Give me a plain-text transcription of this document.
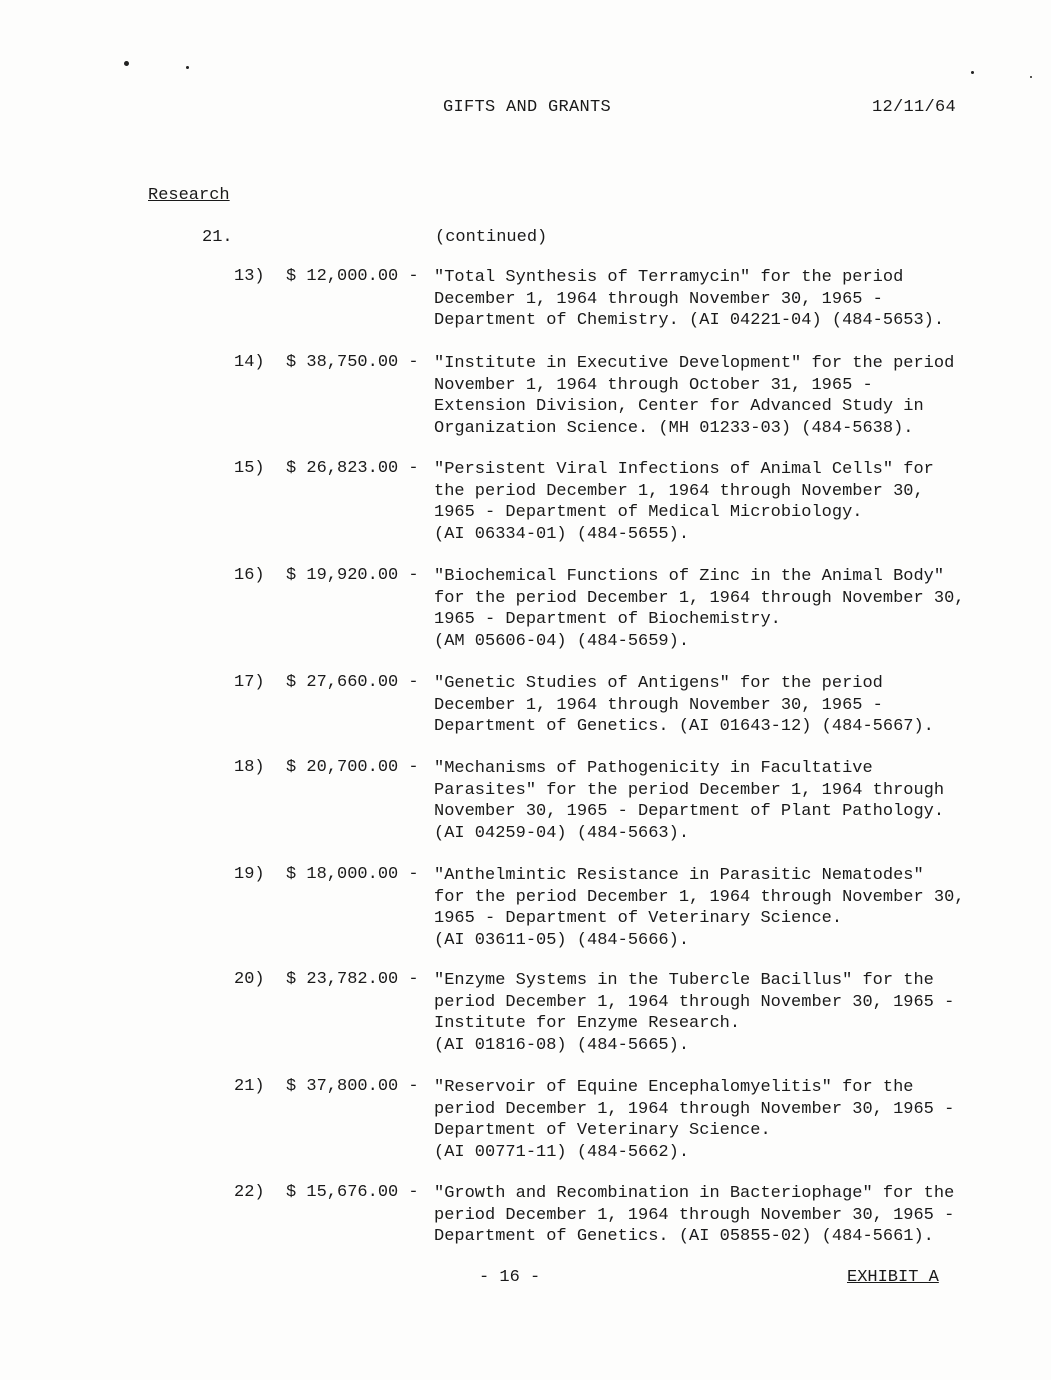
GIFTS AND GRANTS	12/11/64
Research
21.	(continued)
13) $ 12,000.00 - "Total Synthesis of Terramycin" for the period
December 1, 1964 through November 30, 1965 -
Department of Chemistry. (AI 04221-04) (484-5653).
14) $ 38,750.00 - "Institute in Executive Development" for the period
November 1, 1964 through October 31, 1965 -
Extension Division, Center for Advanced Study in
Organization Science. (MH 01233-03) (484-5638).
15) $ 26,823.00 - "Persistent Viral Infections of Animal Cells" for
the period December 1, 1964 through November 30,
1965 - Department of Medical Microbiology.
(AI 06334-01) (484-5655).
16) $ 19,920.00 - "Biochemical Functions of Zinc in the Animal Body"
for the period December 1, 1964 through November 30,
1965 - Department of Biochemistry.
(AM 05606-04) (484-5659).
17) $ 27,660.00 - "Genetic Studies of Antigens" for the period
December 1, 1964 through November 30, 1965 -
Department of Genetics. (AI 01643-12) (484-5667).
18) $ 20,700.00 - "Mechanisms of Pathogenicity in Facultative
Parasites" for the period December 1, 1964 through
November 30, 1965 - Department of Plant Pathology.
(AI 04259-04) (484-5663).
19) $ 18,000.00 - "Anthelmintic Resistance in Parasitic Nematodes"
for the period December 1, 1964 through November 30,
1965 - Department of Veterinary Science.
(AI 03611-05) (484-5666).
20) $ 23,782.00 - "Enzyme Systems in the Tubercle Bacillus" for the
period December 1, 1964 through November 30, 1965 -
Institute for Enzyme Research.
(AI 01816-08) (484-5665).
21) $ 37,800.00 - "Reservoir of Equine Encephalomyelitis" for the
period December 1, 1964 through November 30, 1965 -
Department of Veterinary Science.
(AI 00771-11) (484-5662).
22) $ 15,676.00 - "Growth and Recombination in Bacteriophage" for the
period December 1, 1964 through November 30, 1965 -
Department of Genetics. (AI 05855-02) (484-5661).
- 16 -	EXHIBIT A
